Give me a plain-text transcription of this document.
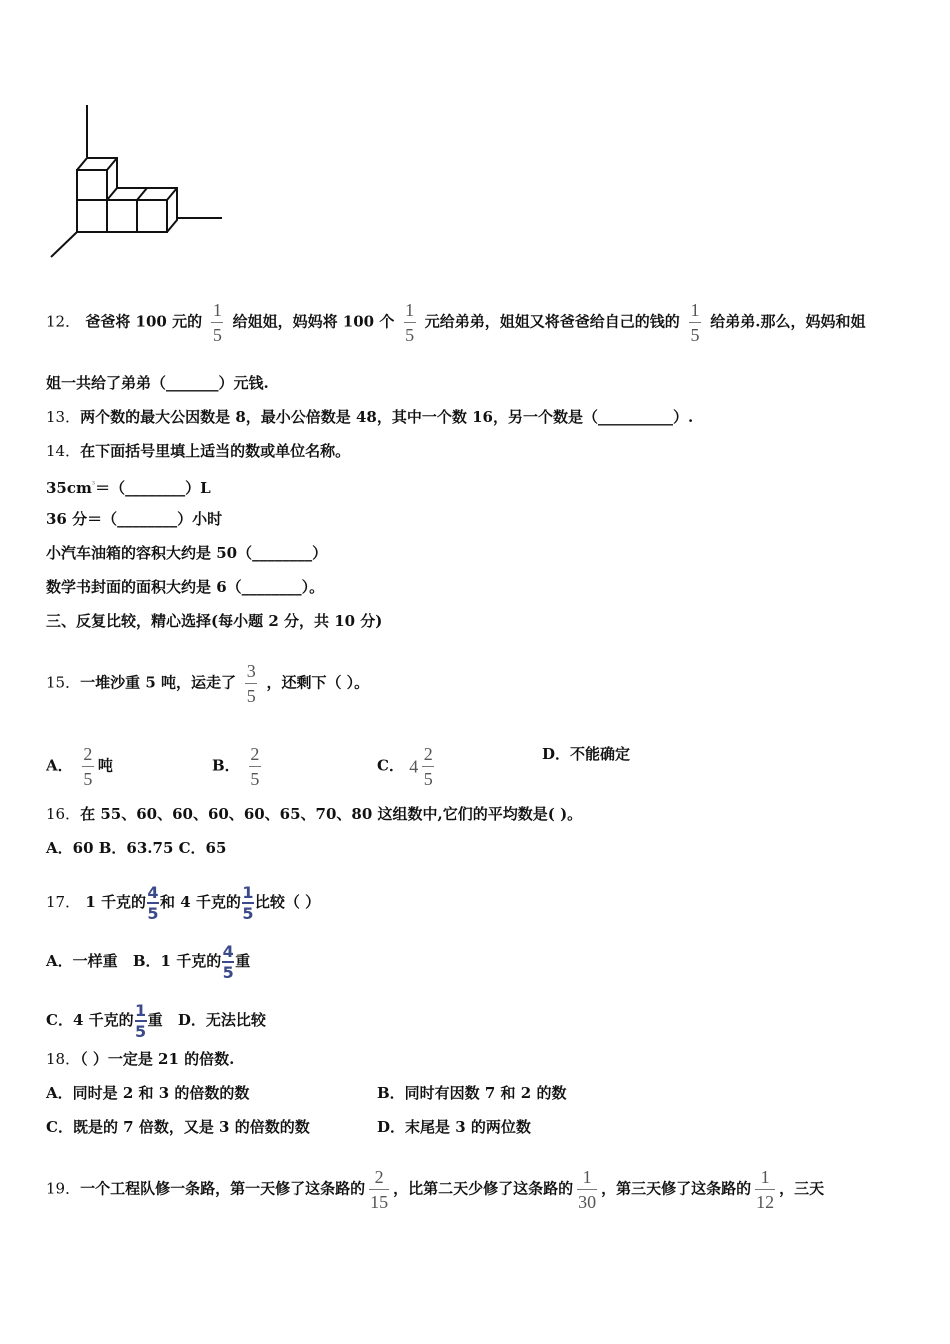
12． 爸爸将 100 元的 $\frac{1}{5}$ 给姐姐，妈妈将 100 个 $\frac{1}{5}$ 元给弟弟，姐姐又将爸爸给自己的钱的 $\frac{1}{5}$ 给弟弟.那么，妈妈和姐
姐一共给了弟弟（_______）元钱.
13．两个数的最大公因数是 8，最小公倍数是 48，其中一个数 16，另一个数是（__________）.
14．在下面括号里填上适当的数或单位名称。
$35cm^{^3}=(\_\_\_\_\_\_\_\_)L$
36 分＝（________）小时
小汽车油箱的容积大约是 50（________）
数学书封面的面积大约是 6（________）。
三、反复比较，精心选择(每小题 2 分，共 10 分)
15．一堆沙重 5 吨，运走了 $\frac{3}{5}$ ，还剩下（ ）。
A． $\frac{2}{5}$ 吨	B． $\frac{2}{5}$	C． $4 \frac{2}{5}$	D．不能确定
16．在 55、60、60、60、60、65、70、80 这组数中,它们的平均数是( )。
A．60 B．63.75 C．65
17． 1 千克的 $\frac{4}{5}$ 和 4 千克的 $\frac{1}{5}$ 比较（ ）
A．一样重 B．1 千克的 $\frac{4}{5}$ 重
C．4 千克的 $\frac{1}{5}$ 重 D．无法比较
18．（ ）一定是 21 的倍数.
A．同时是 2 和 3 的倍数的数	B．同时有因数 7 和 2 的数
C．既是的 7 倍数，又是 3 的倍数的数	D．末尾是 3 的两位数
19．一个工程队修一条路，第一天修了这条路的 $\frac{2}{15}$ ，比第二天少修了这条路的 $\frac{1}{30}$ ，第三天修了这条路的 $\frac{1}{12}$ ，三天
